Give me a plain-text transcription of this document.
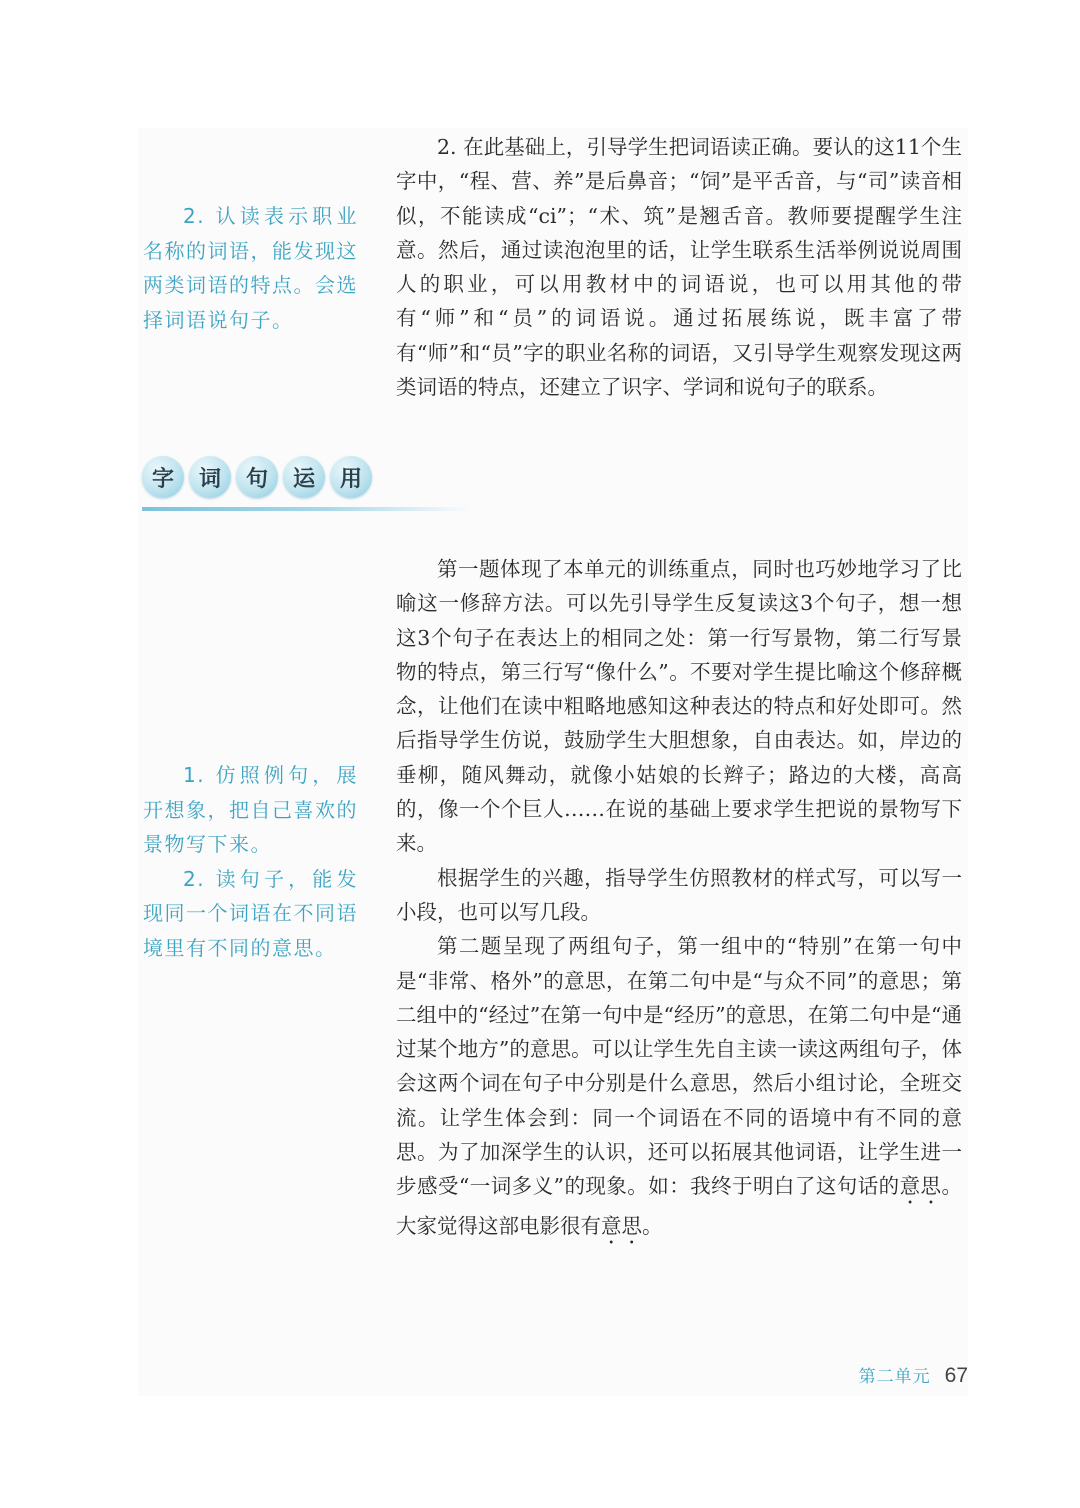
2. 认读表示职业名称的词语，能发现这两类词语的特点。会选择词语说句子。

2. 在此基础上，引导学生把词语读正确。要认的这11个生字中，“程、营、养”是后鼻音；“饲”是平舌音，与“司”读音相似，不能读成“ci”；“术、筑”是翘舌音。教师要提醒学生注意。然后，通过读泡泡里的话，让学生联系生活举例说说周围人的职业，可以用教材中的词语说，也可以用其他的带有“师”和“员”的词语说。通过拓展练说，既丰富了带有“师”和“员”字的职业名称的词语，又引导学生观察发现这两类词语的特点，还建立了识字、学词和说句子的联系。

字	词	句	运	用

1. 仿照例句，展开想象，把自己喜欢的景物写下来。

2. 读句子，能发现同一个词语在不同语境里有不同的意思。

第一题体现了本单元的训练重点，同时也巧妙地学习了比喻这一修辞方法。可以先引导学生反复读这3个句子，想一想这3个句子在表达上的相同之处：第一行写景物，第二行写景物的特点，第三行写“像什么”。不要对学生提比喻这个修辞概念，让他们在读中粗略地感知这种表达的特点和好处即可。然后指导学生仿说，鼓励学生大胆想象，自由表达。如，岸边的垂柳，随风舞动，就像小姑娘的长辫子；路边的大楼，高高的，像一个个巨人……在说的基础上要求学生把说的景物写下来。

根据学生的兴趣，指导学生仿照教材的样式写，可以写一小段，也可以写几段。

第二题呈现了两组句子，第一组中的“特别”在第一句中是“非常、格外”的意思，在第二句中是“与众不同”的意思；第二组中的“经过”在第一句中是“经历”的意思，在第二句中是“通过某个地方”的意思。可以让学生先自主读一读这两组句子，体会这两个词在句子中分别是什么意思，然后小组讨论，全班交流。让学生体会到：同一个词语在不同的语境中有不同的意思。为了加深学生的认识，还可以拓展其他词语，让学生进一步感受“一词多义”的现象。如：我终于明白了这句话的意思。大家觉得这部电影很有意思。

第二单元 67
